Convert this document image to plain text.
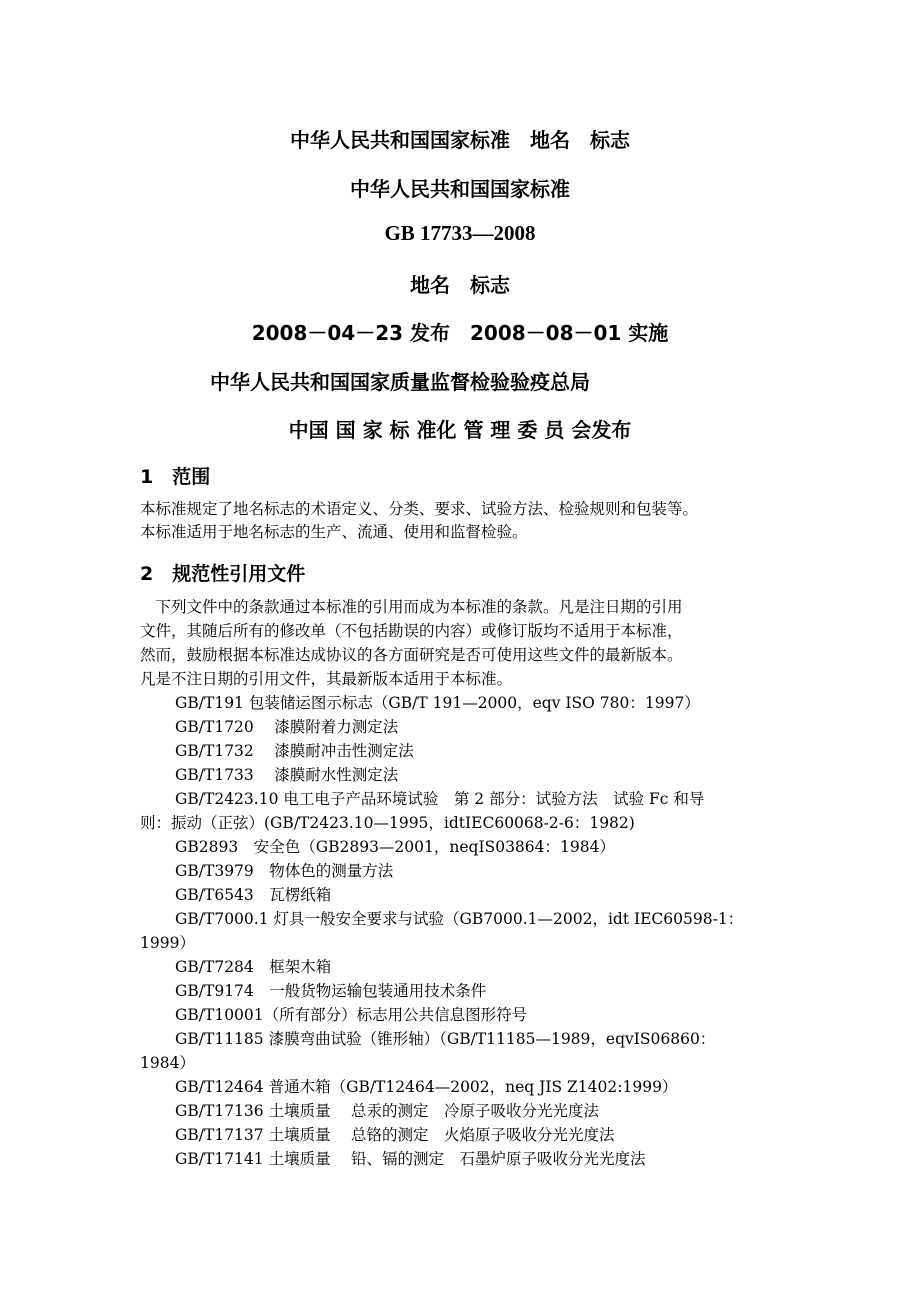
中华人民共和国国家标准　地名　标志
中华人民共和国国家标准
GB 17733—2008
地名　标志
2008－04－23 发布　2008－08－01 实施
中华人民共和国国家质量监督检验验疫总局
中国 国 家 标 准化 管 理 委 员 会发布
1　范围
本标准规定了地名标志的术语定义、分类、要求、试验方法、检验规则和包装等。
本标准适用于地名标志的生产、流通、使用和监督检验。
2　规范性引用文件
　下列文件中的条款通过本标准的引用而成为本标准的条款。凡是注日期的引用
文件，其随后所有的修改单（不包括勘误的内容）或修订版均不适用于本标准，
然而，鼓励根据本标准达成协议的各方面研究是否可使用这些文件的最新版本。
凡是不注日期的引用文件，其最新版本适用于本标准。
GB/T191 包装储运图示标志（GB/T 191—2000，eqv ISO 780：1997）
GB/T1720　 漆膜附着力测定法
GB/T1732　 漆膜耐冲击性测定法
GB/T1733　 漆膜耐水性测定法
GB/T2423.10 电工电子产品环境试验　第 2 部分：试验方法　试验 Fc 和导
则：振动（正弦）(GB/T2423.10—1995，idtIEC60068-2-6：1982)
GB2893　安全色（GB2893—2001，neqIS03864：1984）
GB/T3979　物体色的测量方法
GB/T6543　瓦楞纸箱
GB/T7000.1 灯具一般安全要求与试验（GB7000.1—2002，idt IEC60598-1：
1999）
GB/T7284　框架木箱
GB/T9174　一般货物运输包装通用技术条件
GB/T10001（所有部分）标志用公共信息图形符号
GB/T11185 漆膜弯曲试验（锥形轴）（GB/T11185—1989，eqvIS06860：
1984）
GB/T12464 普通木箱（GB/T12464—2002，neq JIS Z1402:1999）
GB/T17136 土壤质量　 总汞的测定　冷原子吸收分光光度法
GB/T17137 土壤质量　 总铬的测定　火焰原子吸收分光光度法
GB/T17141 土壤质量　 铅、镉的测定　石墨炉原子吸收分光光度法
